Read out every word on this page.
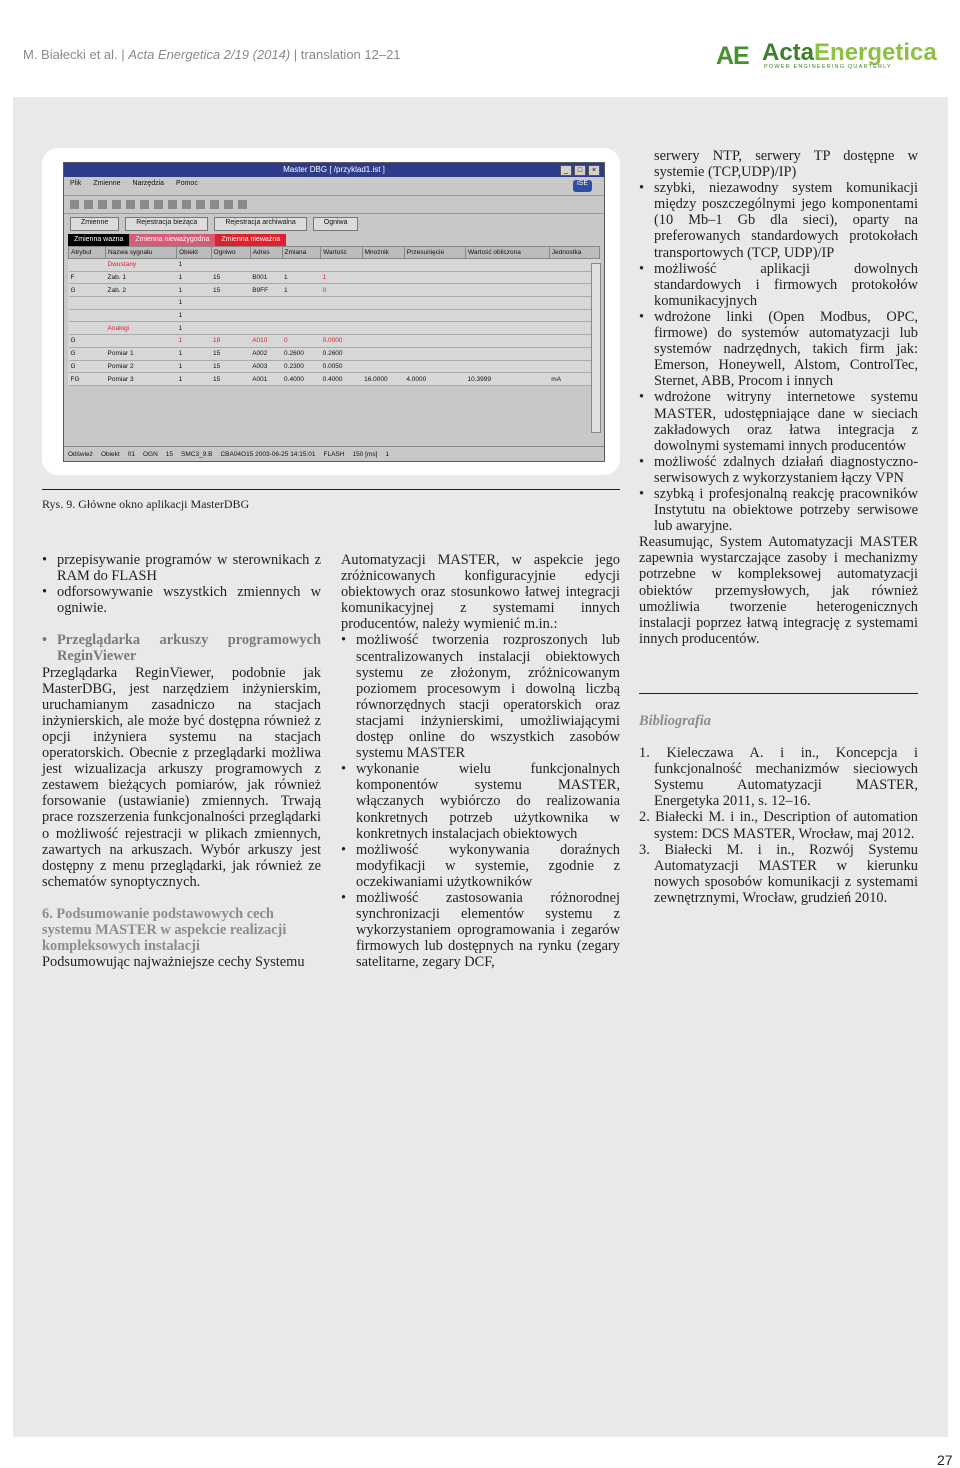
M. Białecki et al. | Acta Energetica 2/19 (2014) | translation 12–21	AE ActaEnergetica
POWER ENGINEERING QUARTERLY
Master DBG [ /przyklad1.ist ]	_	□	×
Plik Zmienne Narzędzia Pomoc	iSE
Zmienne	Rejestracja bieżąca	Rejestracja archiwalna	Ogniwa
Zmienna ważna	Zmienna nieważygodna	Zmienna nieważna
Atrybut	Nazwa sygnału	Obiekt	Ogniwo	Adres	Zmiana	Wartość	Mnożnik	Przesunięcie	Wartość obliczona	Jednostka
	Dwustany	1								
F	Zab. 1	1	15	B001	1	1				
G	Zab. 2	1	15	B9FF	1	0				
		1								
		1								
	Analogi	1								
G		1	18	A010	0	0.0000				
G	Pomiar 1	1	15	A002	0.2600	0.2600				
G	Pomiar 2	1	15	A003	0.2300	0.0050				
FG	Pomiar 3	1	15	A001	0.4000	0.4000	16.0000	4.0000	10.3999	mA
Odśwież Obiekt 01 OGN 15 SMC3_9.B CBA04O15 2003-06-25 14:15:01 FLASH 150 [ms] 1
Rys. 9. Główne okno aplikacji MasterDBG
• przepisywanie programów w sterownikach z RAM do FLASH
• odforsowywanie wszystkich zmiennych w ogniwie.
• Przeglądarka arkuszy programowych ReginViewer

Przeglądarka ReginViewer, podobnie jak MasterDBG, jest narzędziem inżynierskim, uruchamianym zasadniczo na stacjach inżynierskich, ale może być dostępna również z opcji inżyniera systemu na stacjach operatorskich. Obecnie z przeglądarki możliwa jest wizualizacja arkuszy programowych z zestawem bieżących pomiarów, jak również forsowanie (ustawianie) zmiennych. Trwają prace rozszerzenia funkcjonalności przeglądarki o możliwość rejestracji w plikach zmiennych, zawartych na arkuszach. Wybór arkuszy jest dostępny z menu przeglądarki, jak również ze schematów synoptycznych.

6. Podsumowanie podstawowych cech systemu MASTER w aspekcie realizacji kompleksowych instalacji

Podsumowując najważniejsze cechy Systemu

Automatyzacji MASTER, w aspekcie jego zróżnicowanych konfiguracyjnie edycji obiektowych oraz stosunkowo łatwej integracji komunikacyjnej z systemami innych producentów, należy wymienić m.in.:

• możliwość tworzenia rozproszonych lub scentralizowanych instalacji obiektowych systemu ze złożonym, zróżnicowanym poziomem procesowym i dowolną liczbą równorzędnych stacji operatorskich oraz stacjami inżynierskimi, umożliwiającymi dostęp online do wszystkich zasobów systemu MASTER
• wykonanie wielu funkcjonalnych komponentów systemu MASTER, włączanych wybiórczo do realizowania konkretnych potrzeb użytkownika w konkretnych instalacjach obiektowych
• możliwość wykonywania doraźnych modyfikacji w systemie, zgodnie z oczekiwaniami użytkowników
• możliwość zastosowania różnorodnej synchronizacji elementów systemu z wykorzystaniem oprogramowania i zegarów firmowych lub dostępnych na rynku (zegary satelitarne, zegary DCF,

serwery NTP, serwery TP dostępne w systemie (TCP,UDP)/IP)

• szybki, niezawodny system komunikacji między poszczególnymi jego komponentami (10 Mb–1 Gb dla sieci), oparty na preferowanych standardowych protokołach transportowych (TCP, UDP)/IP
• możliwość aplikacji dowolnych standardowych i firmowych protokołów komunikacyjnych
• wdrożone linki (Open Modbus, OPC, firmowe) do systemów automatyzacji lub systemów nadrzędnych, takich firm jak: Emerson, Honeywell, Alstom, ControlTec, Sternet, ABB, Procom i innych
• wdrożone witryny internetowe systemu MASTER, udostępniające dane w sieciach zakładowych oraz łatwa integracja z dowolnymi systemami innych producentów
• możliwość zdalnych działań diagnostyczno-serwisowych z wykorzystaniem łączy VPN
• szybką i profesjonalną reakcję pracowników Instytutu na obiektowe potrzeby serwisowe lub awaryjne.

Reasumując, System Automatyzacji MASTER zapewnia wystarczające zasoby i mechanizmy potrzebne w kompleksowej automatyzacji obiektów przemysłowych, jak również umożliwia tworzenie heterogenicznych instalacji poprzez łatwą integrację z systemami innych producentów.

Bibliografia
1. Kieleczawa A. i in., Koncepcja i funkcjonalność mechanizmów sieciowych Systemu Automatyzacji MASTER, Energetyka 2011, s. 12–16.
2. Białecki M. i in., Description of automation system: DCS MASTER, Wrocław, maj 2012.
3. Białecki M. i in., Rozwój Systemu Automatyzacji MASTER w kierunku nowych sposobów komunikacji z systemami zewnętrznymi, Wrocław, grudzień 2010.
27
